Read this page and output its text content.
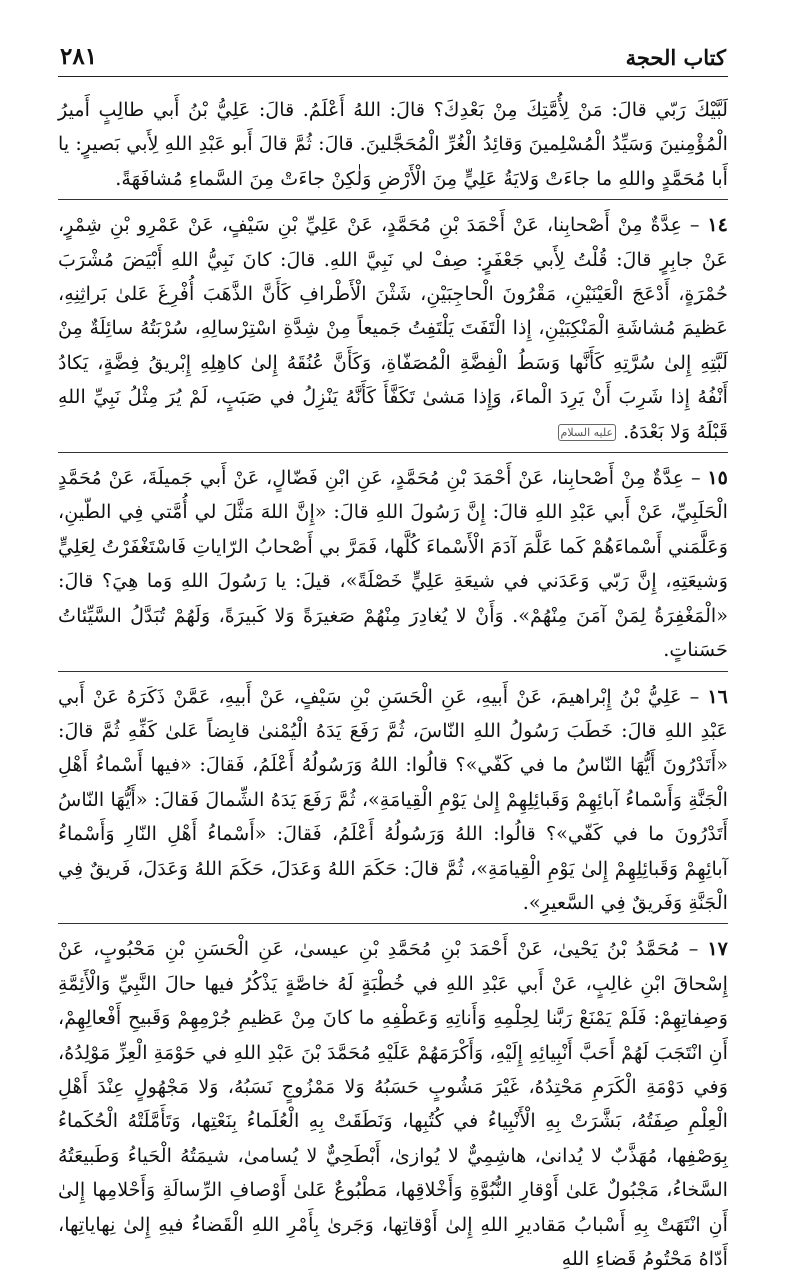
٢٨١	كتاب الحجة

لَبَّيْكَ رَبّي قالَ: مَنْ لِأُمَّتِكَ مِنْ بَعْدِكَ؟ قالَ: اللهُ أَعْلَمُ. قالَ: عَلِيُّ بْنُ أَبي طالِبٍ أَميرُ الْمُؤْمِنينَ وَسَيِّدُ الْمُسْلِمينَ وَقائِدُ الْغُرِّ الْمُحَجَّلينَ. قالَ: ثُمَّ قالَ أَبو عَبْدِ اللهِ لِأَبي بَصيرٍ: يا أَبا مُحَمَّدٍ واللهِ ما جاءَتْ وَلايَةُ عَلِيٍّ مِنَ الْأَرْضِ وَلٰكِنْ جاءَتْ مِنَ السَّماءِ مُشافَهَةً.

١٤ – عِدَّةٌ مِنْ أَصْحابِنا، عَنْ أَحْمَدَ بْنِ مُحَمَّدٍ، عَنْ عَلِيِّ بْنِ سَيْفٍ، عَنْ عَمْرِو بْنِ شِمْرٍ، عَنْ جابِرٍ قالَ: قُلْتُ لِأَبي جَعْفَرٍ: صِفْ لي نَبِيَّ اللهِ. قالَ: كانَ نَبِيُّ اللهِ أَبْيَضَ مُشْرَبَ حُمْرَةٍ، أَدْعَجَ الْعَيْنَيْنِ، مَقْرُونَ الْحاجِبَيْنِ، شَثْنَ الْأَطْرافِ كَأَنَّ الذَّهَبَ أُفْرِغَ عَلىٰ بَراثِنِهِ، عَظيمَ مُشاشَةِ الْمَنْكِبَيْنِ، إِذا الْتَفَتَ يَلْتَفِتُ جَميعاً مِنْ شِدَّةِ اسْتِرْسالِهِ، سُرْبَتُهُ سائِلَةٌ مِنْ لَبَّتِهِ إِلىٰ سُرَّتِهِ كَأَنَّها وَسَطُ الْفِضَّةِ الْمُصَفّاةِ، وَكَأَنَّ عُنُقَهُ إِلىٰ كاهِلِهِ إِبْريقُ فِضَّةٍ، يَكادُ أَنْفُهُ إِذا شَرِبَ أَنْ يَرِدَ الْماءَ، وَإِذا مَشىٰ تَكَفَّأَ كَأَنَّهُ يَنْزِلُ في صَبَبٍ، لَمْ يُرَ مِثْلُ نَبِيِّ اللهِ قَبْلَهُ وَلا بَعْدَهُ. عليه السلام

١٥ – عِدَّةٌ مِنْ أَصْحابِنا، عَنْ أَحْمَدَ بْنِ مُحَمَّدٍ، عَنِ ابْنِ فَضّالٍ، عَنْ أَبي جَميلَةَ، عَنْ مُحَمَّدٍ الْحَلَبِيِّ، عَنْ أَبي عَبْدِ اللهِ قالَ: إِنَّ رَسُولَ اللهِ قالَ: «إِنَّ اللهَ مَثَّلَ لي أُمَّتي فِي الطّينِ، وَعَلَّمَني أَسْماءَهُمْ كَما عَلَّمَ آدَمَ الْأَسْماءَ كُلَّها، فَمَرَّ بي أَصْحابُ الرّاياتِ فَاسْتَغْفَرْتُ لِعَلِيٍّ وَشيعَتِهِ، إِنَّ رَبّي وَعَدَني في شيعَةِ عَلِيٍّ خَصْلَةً»، قيلَ: يا رَسُولَ اللهِ وَما هِيَ؟ قالَ: «الْمَغْفِرَةُ لِمَنْ آمَنَ مِنْهُمْ». وَأَنْ لا يُغادِرَ مِنْهُمْ صَغيرَةً وَلا كَبيرَةً، وَلَهُمْ تُبَدَّلُ السَّيِّئاتُ حَسَناتٍ.

١٦ – عَلِيُّ بْنُ إِبْراهيمَ، عَنْ أَبيهِ، عَنِ الْحَسَنِ بْنِ سَيْفٍ، عَنْ أَبيهِ، عَمَّنْ ذَكَرَهُ عَنْ أَبي عَبْدِ اللهِ قالَ: خَطَبَ رَسُولُ اللهِ النّاسَ، ثُمَّ رَفَعَ يَدَهُ الْيُمْنىٰ قابِضاً عَلىٰ كَفِّهِ ثُمَّ قالَ: «أَتَدْرُونَ أَيُّهَا النّاسُ ما في كَفّي»؟ قالُوا: اللهُ وَرَسُولُهُ أَعْلَمُ، فَقالَ: «فيها أَسْماءُ أَهْلِ الْجَنَّةِ وَأَسْماءُ آبائِهِمْ وَقَبائِلِهِمْ إِلىٰ يَوْمِ الْقِيامَةِ»، ثُمَّ رَفَعَ يَدَهُ الشِّمالَ فَقالَ: «أَيُّهَا النّاسُ أَتَدْرُونَ ما في كَفّي»؟ قالُوا: اللهُ وَرَسُولُهُ أَعْلَمُ، فَقالَ: «أَسْماءُ أَهْلِ النّارِ وَأَسْماءُ آبائِهِمْ وَقَبائِلِهِمْ إِلىٰ يَوْمِ الْقِيامَةِ»، ثُمَّ قالَ: حَكَمَ اللهُ وَعَدَلَ، حَكَمَ اللهُ وَعَدَلَ، فَريقٌ فِي الْجَنَّةِ وَفَريقٌ فِي السَّعيرِ».

١٧ – مُحَمَّدُ بْنُ يَحْيىٰ، عَنْ أَحْمَدَ بْنِ مُحَمَّدِ بْنِ عيسىٰ، عَنِ الْحَسَنِ بْنِ مَحْبُوبٍ، عَنْ إِسْحاقَ ابْنِ غالِبٍ، عَنْ أَبي عَبْدِ اللهِ في خُطْبَةٍ لَهُ خاصَّةٍ يَذْكُرُ فيها حالَ النَّبِيِّ وَالْأَئِمَّةِ وَصِفاتِهِمْ: فَلَمْ يَمْنَعْ رَبَّنا لِحِلْمِهِ وَأَناتِهِ وَعَطْفِهِ ما كانَ مِنْ عَظيمِ جُرْمِهِمْ وَقَبيحِ أَفْعالِهِمْ، أَنِ انْتَجَبَ لَهُمْ أَحَبَّ أَنْبِيائِهِ إِلَيْهِ، وَأَكْرَمَهُمْ عَلَيْهِ مُحَمَّدَ بْنَ عَبْدِ اللهِ في حَوْمَةِ الْعِزِّ مَوْلِدُهُ، وَفي دَوْمَةِ الْكَرَمِ مَحْتِدُهُ، غَيْرَ مَشُوبٍ حَسَبُهُ وَلا مَمْزُوجٍ نَسَبُهُ، وَلا مَجْهُولٍ عِنْدَ أَهْلِ الْعِلْمِ صِفَتُهُ، بَشَّرَتْ بِهِ الْأَنْبِياءُ في كُتُبِها، وَنَطَقَتْ بِهِ الْعُلَماءُ بِنَعْتِها، وَتَأَمَّلَتْهُ الْحُكَماءُ بِوَصْفِها، مُهَذَّبٌ لا يُدانىٰ، هاشِمِيٌّ لا يُوازىٰ، أَبْطَحِيٌّ لا يُسامىٰ، شيمَتُهُ الْحَياءُ وَطَبيعَتُهُ السَّخاءُ، مَجْبُولٌ عَلىٰ أَوْقارِ النُّبُوَّةِ وَأَخْلاقِها، مَطْبُوعٌ عَلىٰ أَوْصافِ الرِّسالَةِ وَأَحْلامِها إِلىٰ أَنِ انْتَهَتْ بِهِ أَسْبابُ مَقاديرِ اللهِ إِلىٰ أَوْقاتِها، وَجَرىٰ بِأَمْرِ اللهِ الْقَضاءُ فيهِ إِلىٰ نِهاياتِها، أَدّاهُ مَحْتُومُ قَضاءِ اللهِ
